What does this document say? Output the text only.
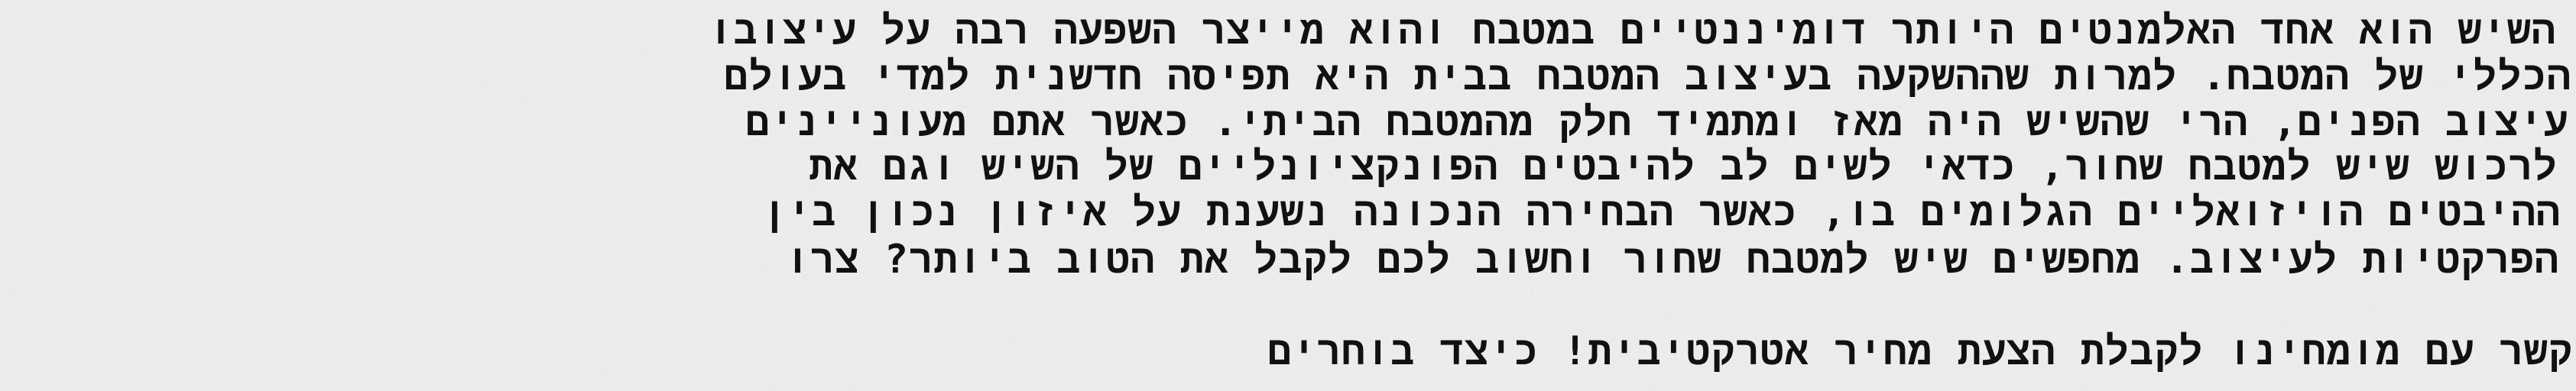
השיש הוא אחד האלמנטים היותר דומיננטיים במטבח והוא מייצר השפעה רבה על עיצובו
הכללי של המטבח. למרות שההשקעה בעיצוב המטבח בבית היא תפיסה חדשנית למדי בעולם
עיצוב הפנים, הרי שהשיש היה מאז ומתמיד חלק מהמטבח הביתי. כאשר אתם מעוניינים
לרכוש שיש למטבח שחור, כדאי לשים לב להיבטים הפונקציונליים של השיש וגם את
ההיבטים הויזואליים הגלומים בו, כאשר הבחירה הנכונה נשענת על איזון נכון בין
הפרקטיות לעיצוב. מחפשים שיש למטבח שחור וחשוב לכם לקבל את הטוב ביותר? צרו
קשר עם מומחינו לקבלת הצעת מחיר אטרקטיבית! כיצד בוחרים
